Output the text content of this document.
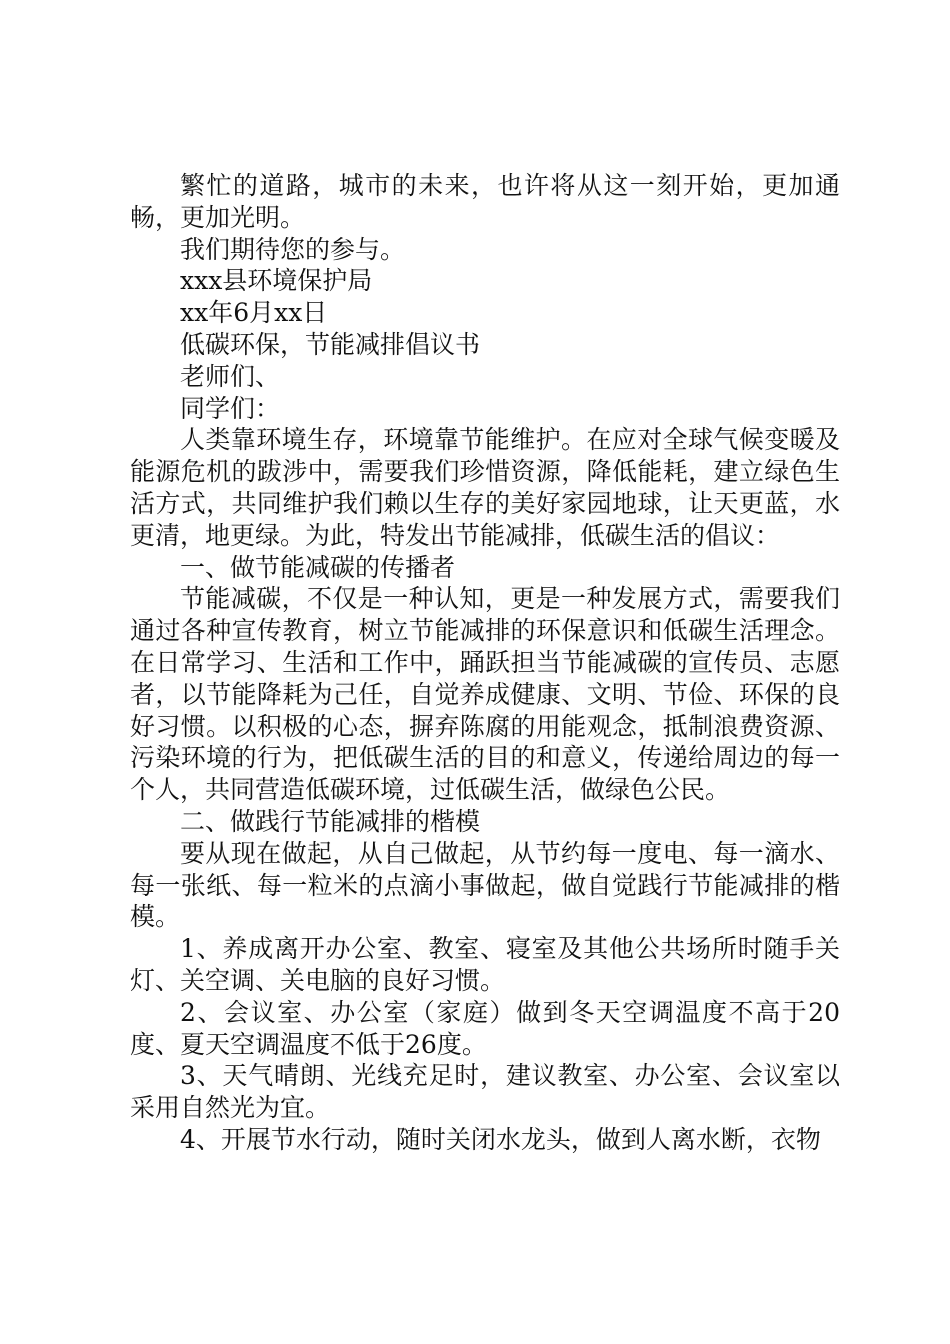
繁忙的道路，城市的未来，也许将从这一刻开始，更加通畅，更加光明。

我们期待您的参与。

xxx县环境保护局

xx年6月xx日

低碳环保，节能减排倡议书

老师们、

同学们：

人类靠环境生存，环境靠节能维护。在应对全球气候变暖及能源危机的跋涉中，需要我们珍惜资源，降低能耗，建立绿色生活方式，共同维护我们赖以生存的美好家园地球，让天更蓝，水更清，地更绿。为此，特发出节能减排，低碳生活的倡议：

一、做节能减碳的传播者

节能减碳，不仅是一种认知，更是一种发展方式，需要我们通过各种宣传教育，树立节能减排的环保意识和低碳生活理念。在日常学习、生活和工作中，踊跃担当节能减碳的宣传员、志愿者，以节能降耗为己任，自觉养成健康、文明、节俭、环保的良好习惯。以积极的心态，摒弃陈腐的用能观念，抵制浪费资源、污染环境的行为，把低碳生活的目的和意义，传递给周边的每一个人，共同营造低碳环境，过低碳生活，做绿色公民。

二、做践行节能减排的楷模

要从现在做起，从自己做起，从节约每一度电、每一滴水、每一张纸、每一粒米的点滴小事做起，做自觉践行节能减排的楷模。

1、养成离开办公室、教室、寝室及其他公共场所时随手关灯、关空调、关电脑的良好习惯。

2、会议室、办公室（家庭）做到冬天空调温度不高于20度、夏天空调温度不低于26度。

3、天气晴朗、光线充足时，建议教室、办公室、会议室以采用自然光为宜。

4、开展节水行动，随时关闭水龙头，做到人离水断，衣物
